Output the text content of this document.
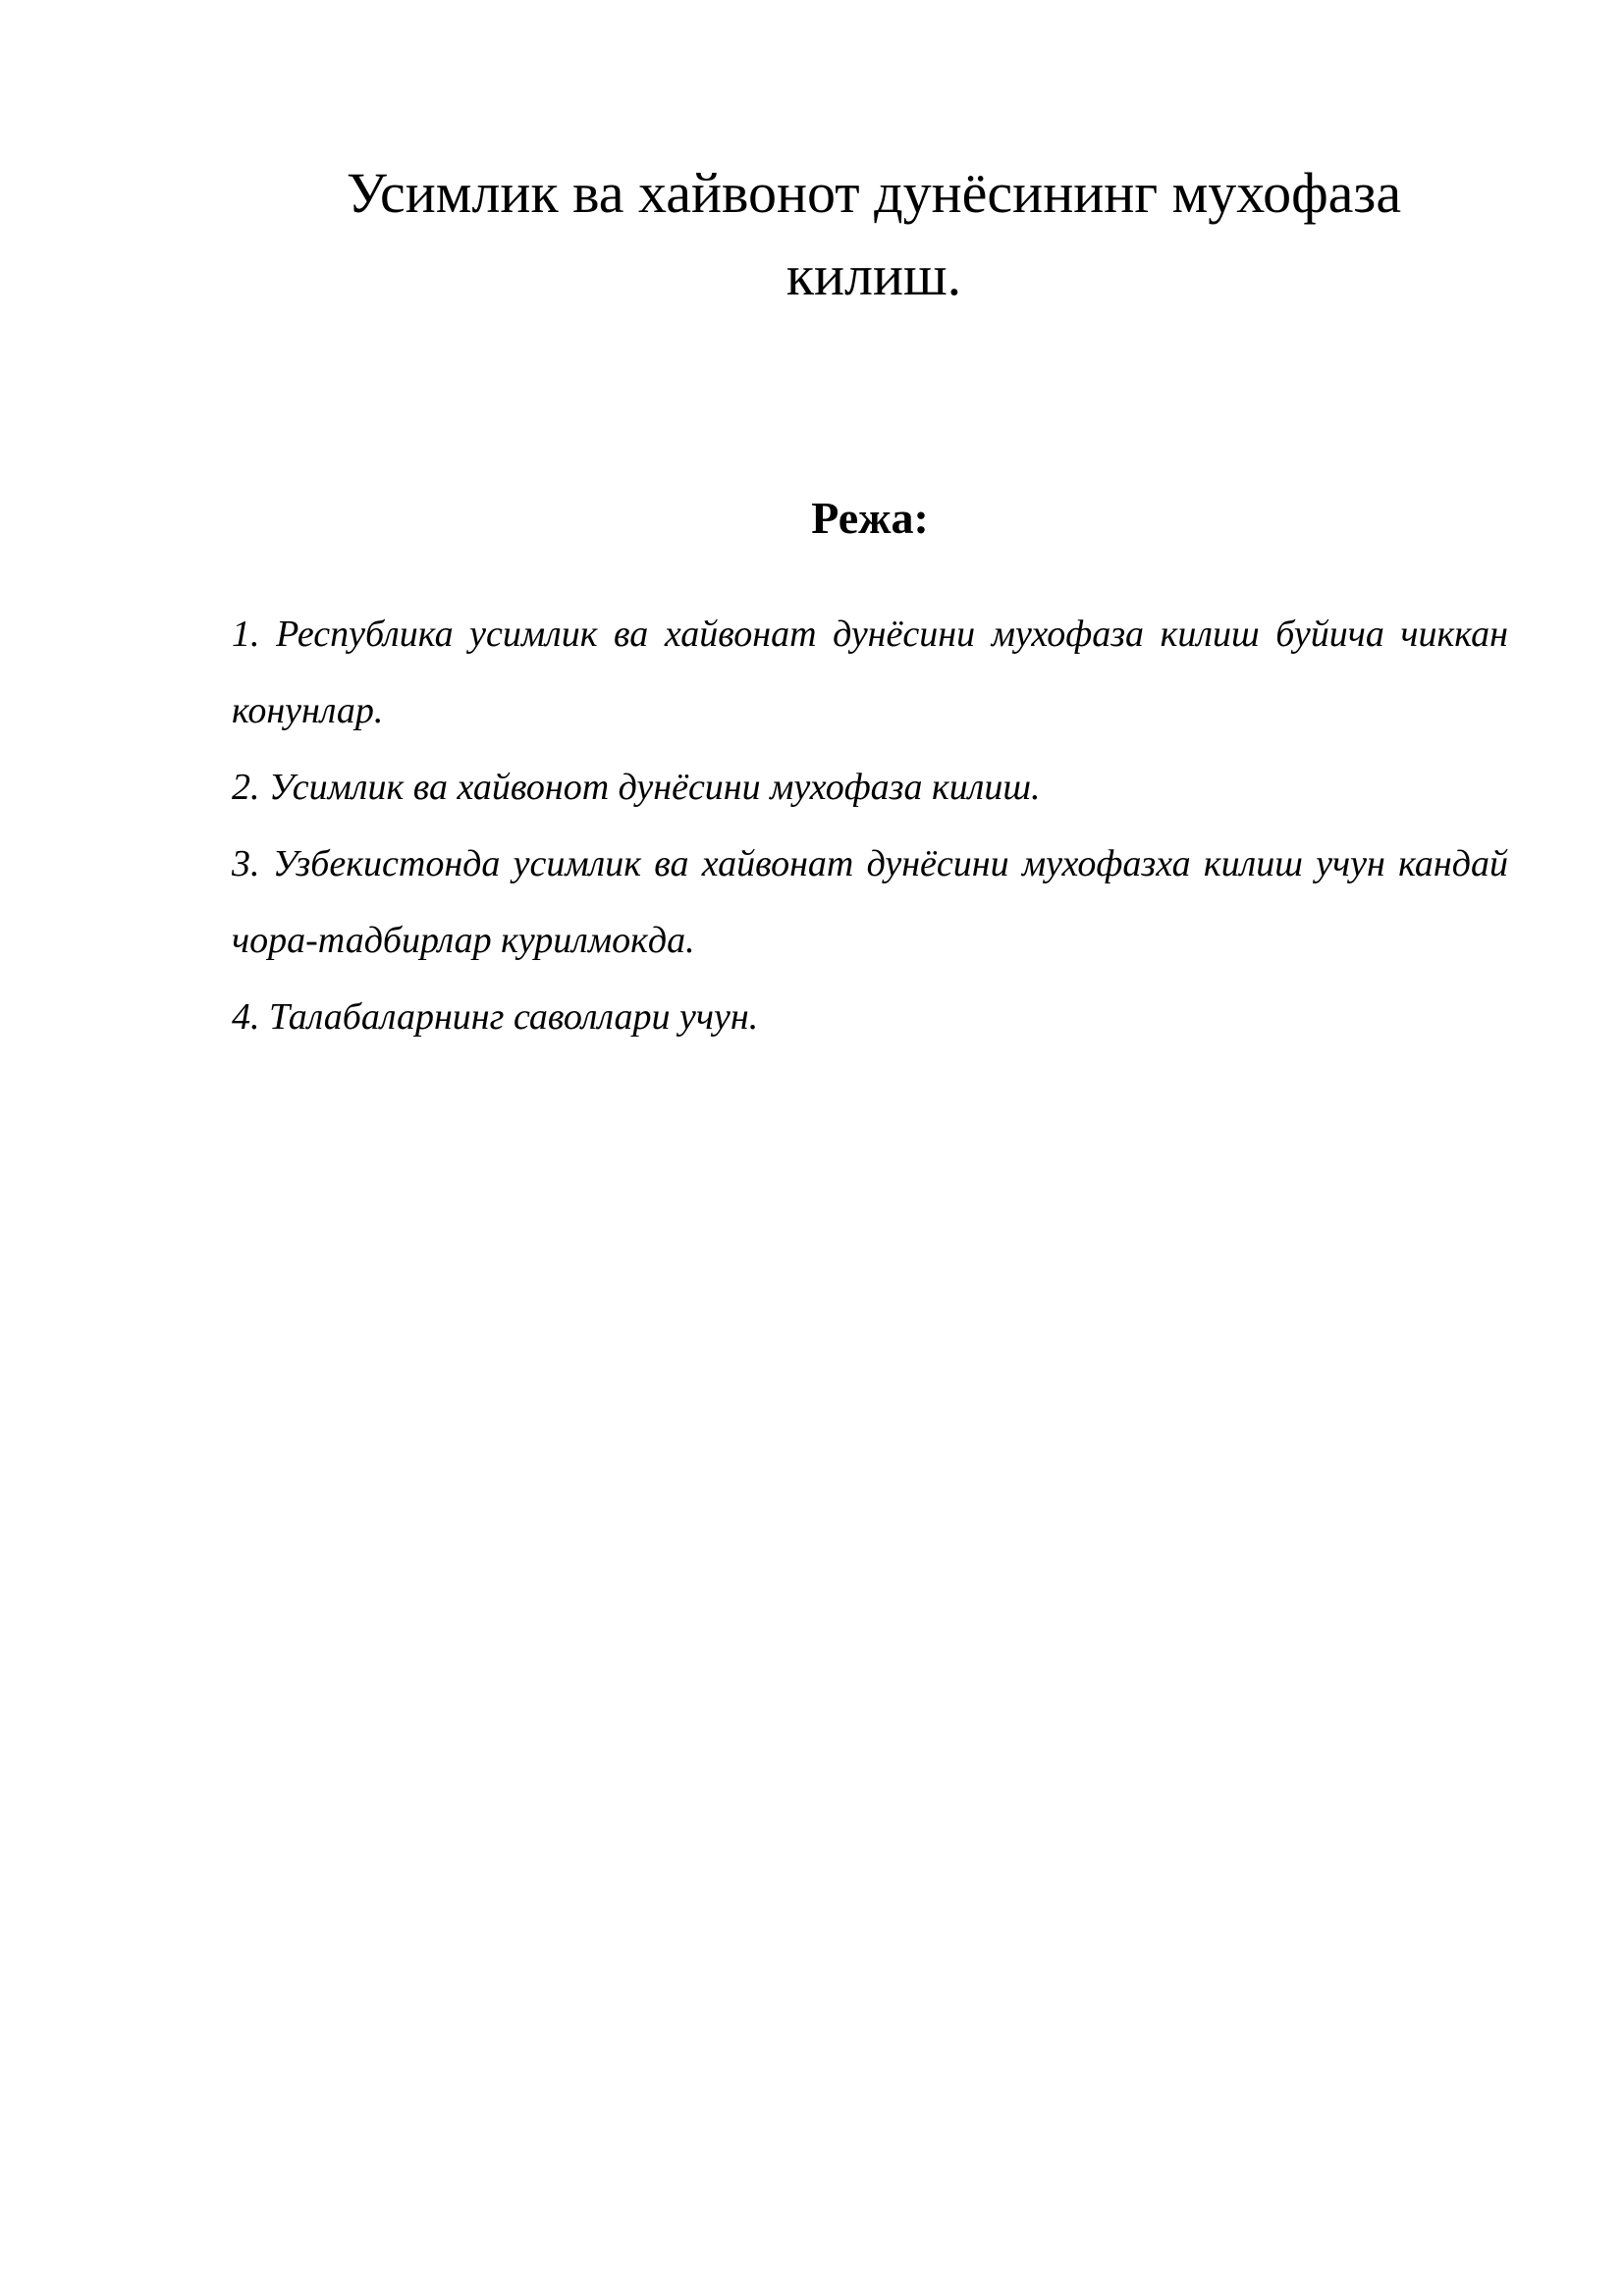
Усимлик ва хайвонот дунёсининг мухофаза килиш.
Режа:
1. Республика усимлик ва хайвонат дунёсини мухофаза килиш буйича чиккан конунлар.
2. Усимлик ва хайвонот дунёсини мухофаза килиш.
3. Узбекистонда усимлик ва хайвонат дунёсини мухофазха килиш учун кандай чора-тадбирлар курилмокда.
4. Талабаларнинг саволлари учун.
